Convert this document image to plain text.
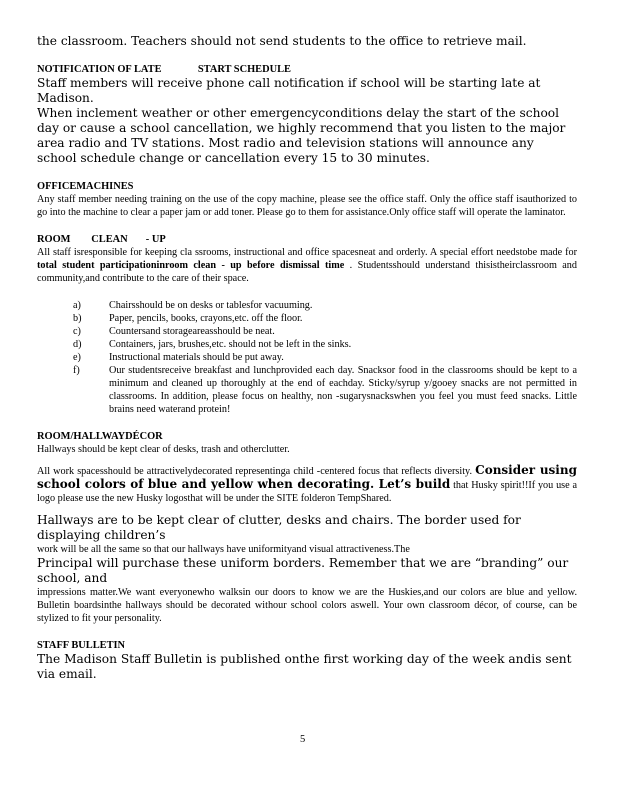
the classroom. Teachers should not send students to the office to retrieve mail.

NOTIFICATION OF LATE              START SCHEDULE

Staff members will receive phone call notification if school will be starting late at Madison.

When inclement weather or other emergencyconditions delay the start of the school day or cause a school cancellation, we highly recommend that you listen to the major area radio and TV stations. Most radio and television stations will announce any school schedule change or cancellation every 15 to 30 minutes.

OFFICEMACHINES

Any staff member needing training on the use of the copy machine, please see the office staff. Only the office staff isauthorized to go into the machine to clear a paper jam or add toner. Please go to them for assistance.Only office staff will operate the laminator.

ROOM        CLEAN       - UP

All staff isresponsible for keeping cla ssrooms, instructional and office spacesneat and orderly. A special effort needstobe made for total student participationinroom clean - up before dismissal time . Studentsshould understand thisistheirclassroom and community,and contribute to the care of their space.

a)	Chairsshould be on desks or tablesfor vacuuming.
b)	Paper, pencils, books, crayons,etc. off the floor.
c)	Countersand storageareasshould be neat.
d)	Containers, jars, brushes,etc. should not be left in the sinks.
e)	Instructional materials should be put away.
f)	Our studentsreceive breakfast and lunchprovided each day. Snacksor food in the classrooms should be kept to a minimum and cleaned up thoroughly at the end of eachday. Sticky/syrup y/gooey snacks are not permitted in classrooms. In addition, please focus on healthy, non -sugarysnackswhen you feel you must feed snacks. Little brains need waterand protein!

ROOM/HALLWAYDÉCOR

Hallways should be kept clear of desks, trash and otherclutter.

All work spacesshould be attractivelydecorated representinga child -centered focus that reflects diversity. Consider using school colors of blue and yellow when decorating. Let’s build that Husky spirit!!If you use a logo please use the new Husky logosthat will be under the SITE folderon TempShared.

Hallways are to be kept clear of clutter, desks and chairs. The border used for displaying children’s

work will be all the same so that our hallways have uniformityand visual attractiveness.The

Principal will purchase these uniform borders. Remember that we are “branding” our school, and

impressions matter.We want everyonewho walksin our doors to know we are the Huskies,and our colors are blue and yellow. Bulletin boardsinthe hallways should be decorated withour school colors aswell. Your own classroom décor, of course, can be stylized to fit your personality.

STAFF BULLETIN

The Madison Staff Bulletin is published onthe first working day of the week andis sent via email.

5
